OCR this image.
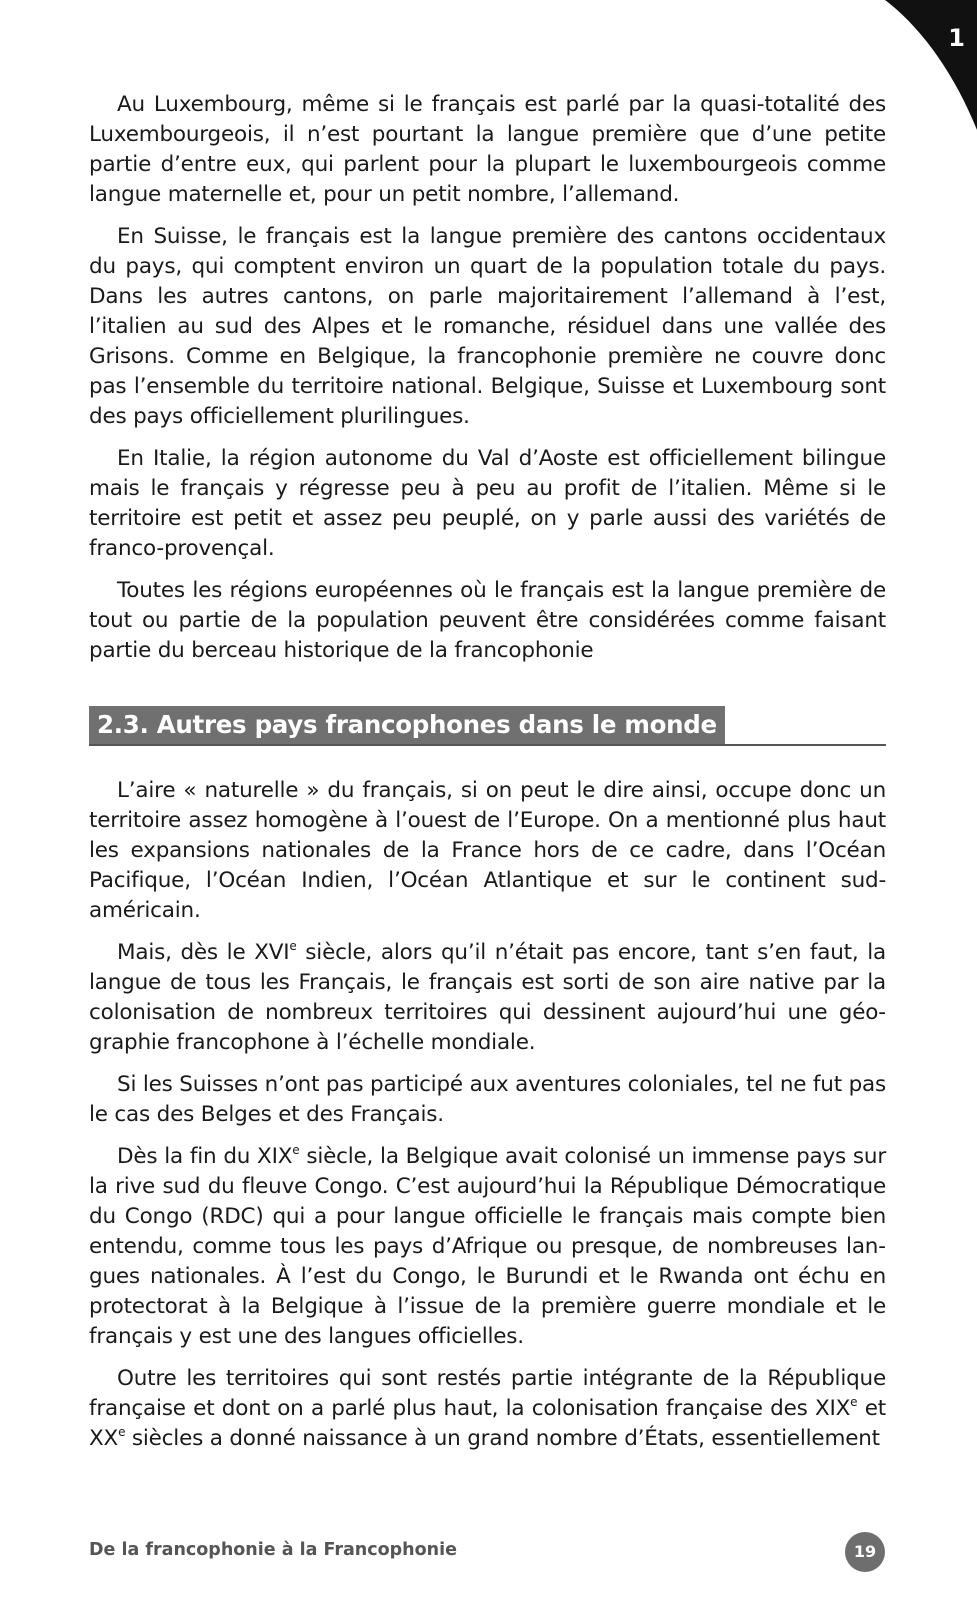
1

Au Luxembourg, même si le français est parlé par la quasi-totalité des Luxembourgeois, il n’est pourtant la langue première que d’une petite partie d’entre eux, qui parlent pour la plupart le luxembourgeois comme langue maternelle et, pour un petit nombre, l’allemand.

En Suisse, le français est la langue première des cantons occidentaux du pays, qui comptent environ un quart de la population totale du pays. Dans les autres cantons, on parle majoritairement l’allemand à l’est, l’italien au sud des Alpes et le romanche, résiduel dans une vallée des Grisons. Comme en Belgique, la francophonie première ne couvre donc pas l’ensemble du territoire national. Belgique, Suisse et Luxembourg sont des pays officiellement plurilingues.

En Italie, la région autonome du Val d’Aoste est officiellement bilingue mais le français y régresse peu à peu au profit de l’italien. Même si le territoire est petit et assez peu peuplé, on y parle aussi des variétés de franco-provençal.

Toutes les régions européennes où le français est la langue première de tout ou partie de la population peuvent être considérées comme faisant partie du berceau historique de la francophonie

2.3. Autres pays francophones dans le monde

L’aire « naturelle » du français, si on peut le dire ainsi, occupe donc un territoire assez homogène à l’ouest de l’Europe. On a mentionné plus haut les expansions nationales de la France hors de ce cadre, dans l’Océan Pacifique, l’Océan Indien, l’Océan Atlantique et sur le continent sud-américain.

Mais, dès le XVIe siècle, alors qu’il n’était pas encore, tant s’en faut, la langue de tous les Français, le français est sorti de son aire native par la colonisation de nombreux territoires qui dessinent aujourd’hui une géographie francophone à l’échelle mondiale.

Si les Suisses n’ont pas participé aux aventures coloniales, tel ne fut pas le cas des Belges et des Français.

Dès la fin du XIXe siècle, la Belgique avait colonisé un immense pays sur la rive sud du fleuve Congo. C’est aujourd’hui la République Démocratique du Congo (RDC) qui a pour langue officielle le français mais compte bien entendu, comme tous les pays d’Afrique ou presque, de nombreuses langues nationales. À l’est du Congo, le Burundi et le Rwanda ont échu en protectorat à la Belgique à l’issue de la première guerre mondiale et le français y est une des langues officielles.

Outre les territoires qui sont restés partie intégrante de la République française et dont on a parlé plus haut, la colonisation française des XIXe et XXe siècles a donné naissance à un grand nombre d’États, essentiellement

De la francophonie à la Francophonie	19
